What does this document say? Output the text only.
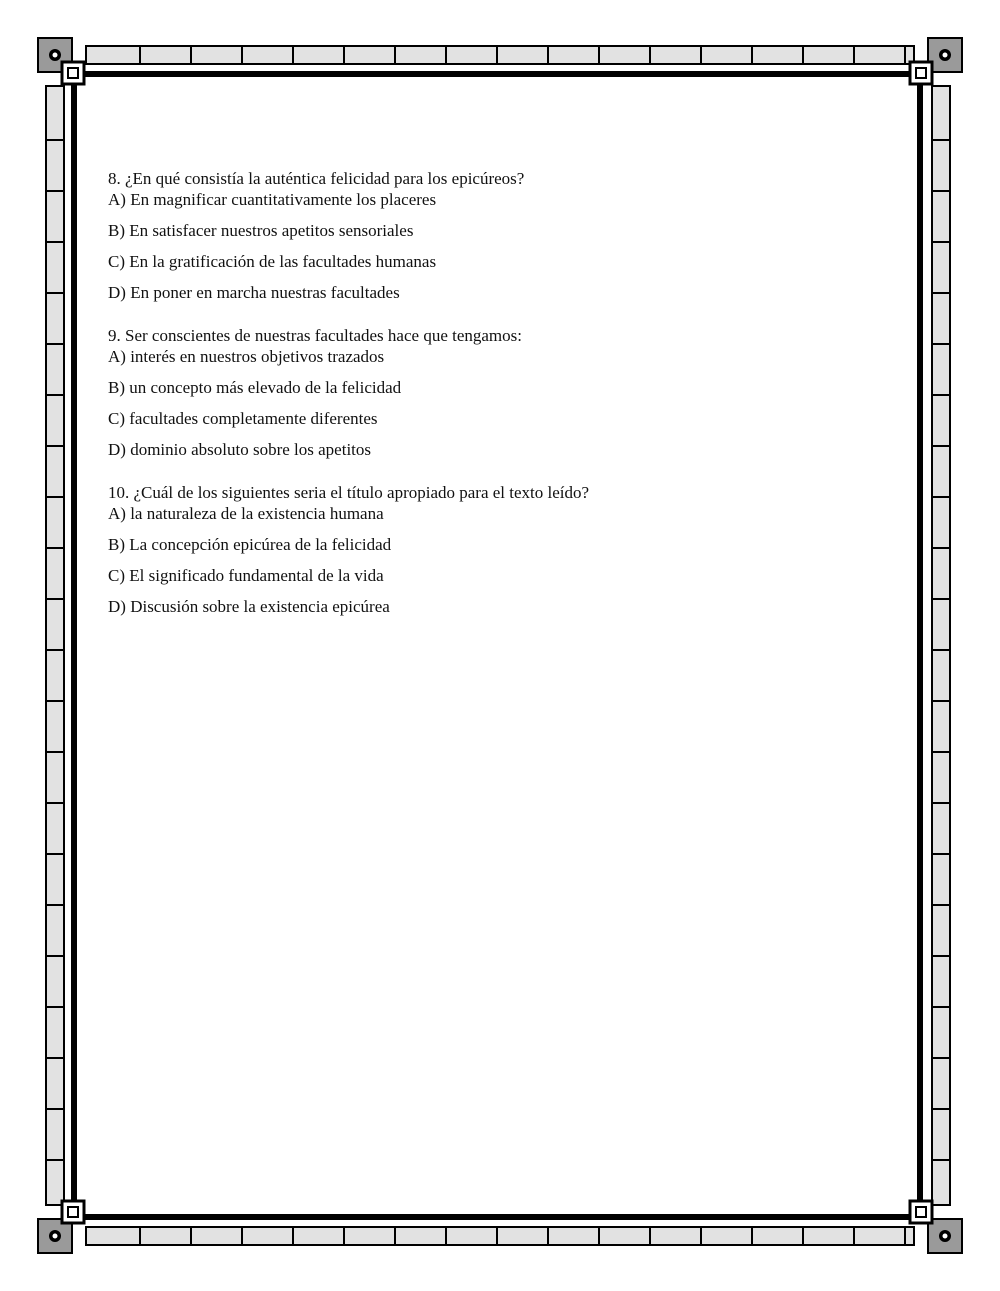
8. ¿En qué consistía la auténtica felicidad para los epicúreos?

A) En magnificar cuantitativamente los placeres

B) En satisfacer nuestros apetitos sensoriales

C) En la gratificación de las facultades humanas

D) En poner en marcha nuestras facultades

9. Ser conscientes de nuestras facultades hace que tengamos:

A) interés en nuestros objetivos trazados

B) un concepto más elevado de la felicidad

C) facultades completamente diferentes

D) dominio absoluto sobre los apetitos

10. ¿Cuál de los siguientes seria el título apropiado para el texto leído?

A) la naturaleza de la existencia humana

B) La concepción epicúrea de la felicidad

C) El significado fundamental de la vida

D) Discusión sobre la existencia epicúrea
